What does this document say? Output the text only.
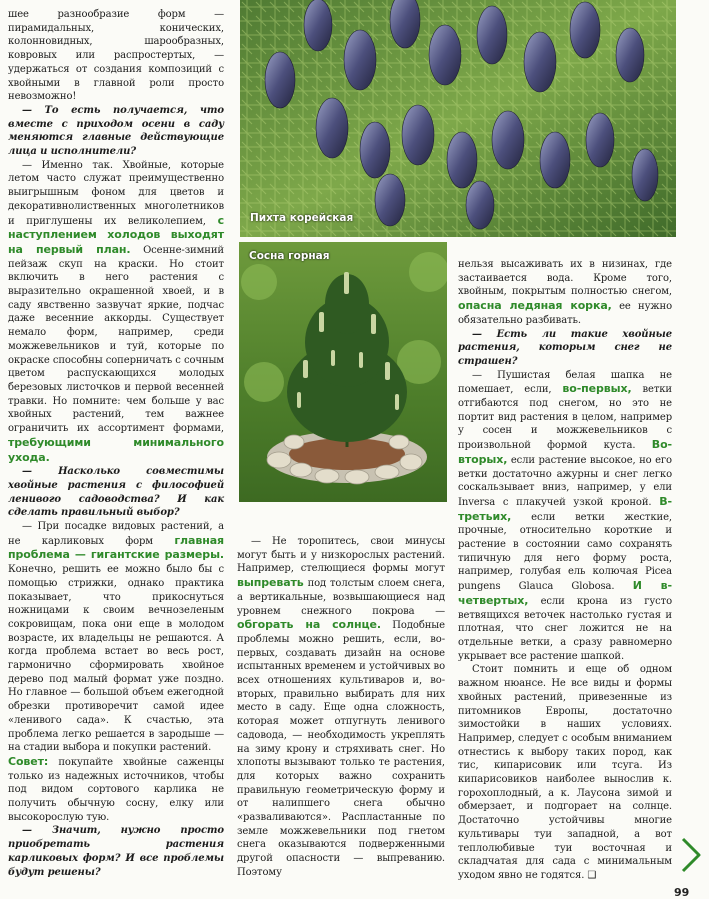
шее разнообразие форм — пирамидальных, конических, колонновидных, шарообразных, ковровых или распростертых, — удержаться от создания композиций с хвойными в главной роли просто невозможно!

— То есть получается, что вместе с приходом осени в саду меняются главные действующие лица и исполнители?

— Именно так. Хвойные, которые летом часто служат преимущественно выигрышным фоном для цветов и декоративнолиственных многолетников и приглушены их великолепием, с наступлением холодов выходят на первый план. Осенне-зимний пейзаж скуп на краски. Но стоит включить в него растения с выразительно окрашенной хвоей, и в саду явственно зазвучат яркие, подчас даже весенние аккорды. Существует немало форм, например, среди можжевельников и туй, которые по окраске способны соперничать с сочным цветом распускающихся молодых березовых листочков и первой весенней травки. Но помните: чем больше у вас хвойных растений, тем важнее ограничить их ассортимент формами, требующими минимального ухода.

— Насколько совместимы хвойные растения с философией ленивого садоводства? И как сделать правильный выбор?

— При посадке видовых растений, а не карликовых форм главная проблема — гигантские размеры. Конечно, решить ее можно было бы с помощью стрижки, однако практика показывает, что прикоснуться ножницами к своим вечнозеленым сокровищам, пока они еще в молодом возрасте, их владельцы не решаются. А когда проблема встает во весь рост, гармонично сформировать хвойное дерево под малый формат уже поздно. Но главное — большой объем ежегодной обрезки противоречит самой идее «ленивого сада». К счастью, эта проблема легко решается в зародыше — на стадии выбора и покупки растений.

Совет: покупайте хвойные саженцы только из надежных источников, чтобы под видом сортового карлика не получить обычную сосну, елку или высокорослую тую.

— Значит, нужно просто приобретать растения карликовых форм? И все проблемы будут решены?

Пихта корейская
Сосна горная

— Не торопитесь, свои минусы могут быть и у низкорослых растений. Например, стелющиеся формы могут выпревать под толстым слоем снега, а вертикальные, возвышающиеся над уровнем снежного покрова — обгорать на солнце. Подобные проблемы можно решить, если, во-первых, создавать дизайн на основе испытанных временем и устойчивых во всех отношениях культиваров и, во-вторых, правильно выбирать для них место в саду. Еще одна сложность, которая может отпугнуть ленивого садовода, — необходимость укреплять на зиму крону и стряхивать снег. Но хлопоты вызывают только те растения, для которых важно сохранить правильную геометрическую форму и от налипшего снега обычно «разваливаются». Распластанные по земле можжевельники под гнетом снега оказываются подверженными другой опасности — выпреванию. Поэтому

нельзя высаживать их в низинах, где застаивается вода. Кроме того, хвойным, покрытым полностью снегом, опасна ледяная корка, ее нужно обязательно разбивать.

— Есть ли такие хвойные растения, которым снег не страшен?

— Пушистая белая шапка не помешает, если, во-первых, ветки отгибаются под снегом, но это не портит вид растения в целом, например у сосен и можжевельников с произвольной формой куста. Во-вторых, если растение высокое, но его ветки достаточно ажурны и снег легко соскальзывает вниз, например, у ели Inversa с плакучей узкой кроной. В-третьих, если ветки жесткие, прочные, относительно короткие и растение в состоянии само сохранять типичную для него форму роста, например, голубая ель колючая Picea pungens Glauca Globosa. И в-четвертых, если крона из густо ветвящихся веточек настолько густая и плотная, что снег ложится не на отдельные ветки, а сразу равномерно укрывает все растение шапкой.

Стоит помнить и еще об одном важном нюансе. Не все виды и формы хвойных растений, привезенные из питомников Европы, достаточно зимостойки в наших условиях. Например, следует с особым вниманием отнестись к выбору таких пород, как тис, кипарисовик или тсуга. Из кипарисовиков наиболее вынослив к. горохоплодный, а к. Лаусона зимой и обмерзает, и подгорает на солнце. Достаточно устойчивы многие культивары туи западной, а вот теплолюбивые туи восточная и складчатая для сада с минимальным уходом явно не годятся. ❑

99
